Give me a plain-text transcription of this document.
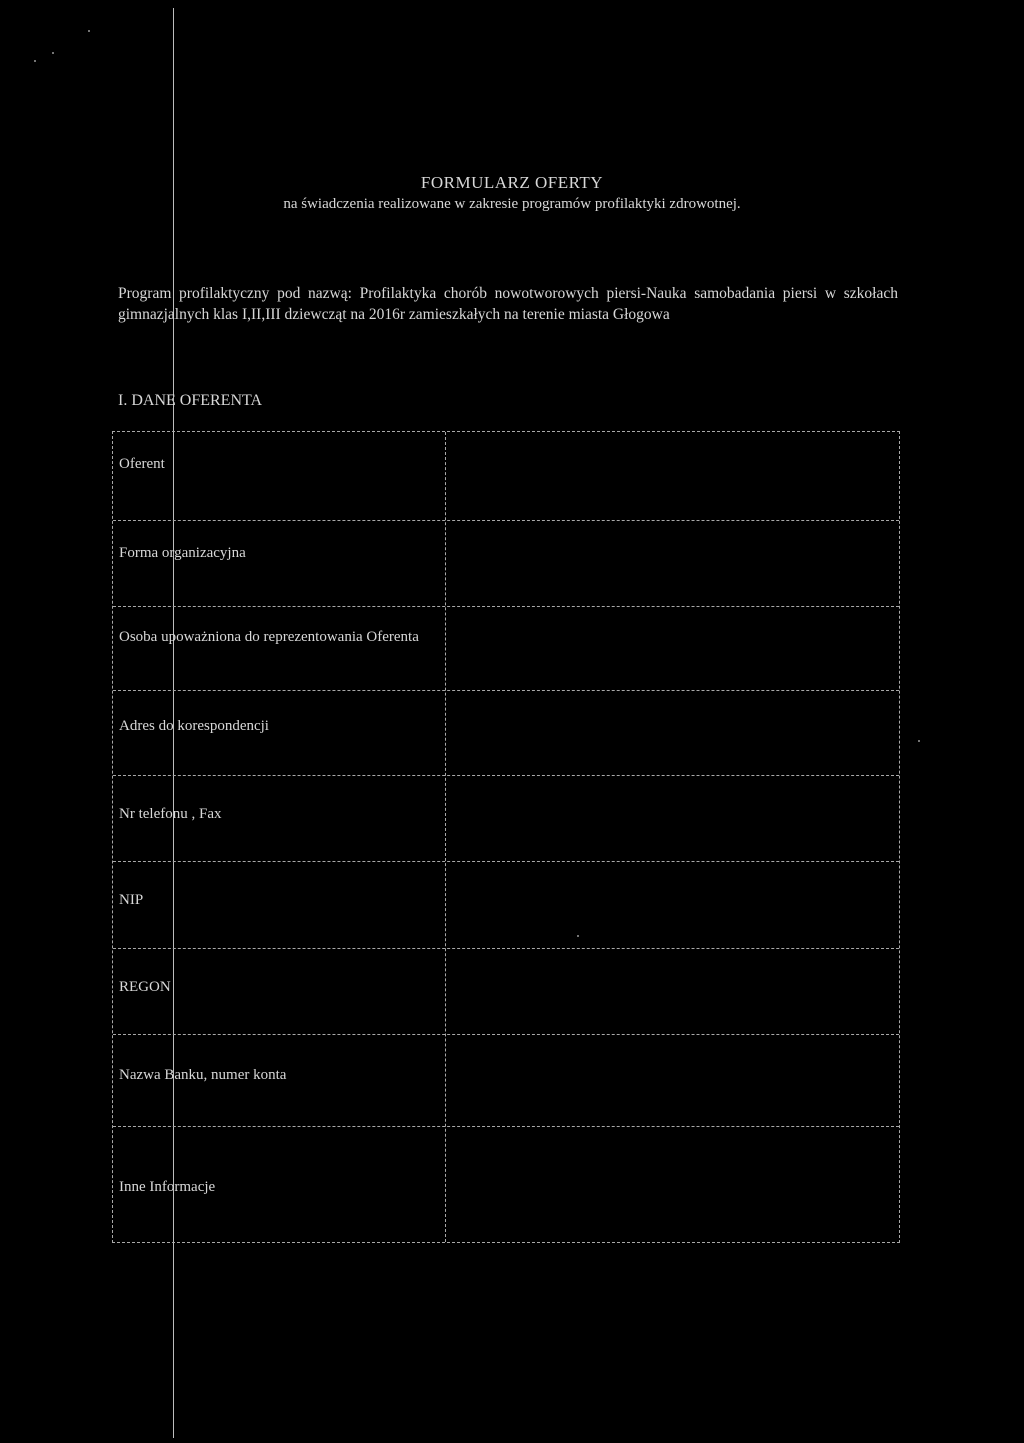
FORMULARZ OFERTY
na świadczenia realizowane w zakresie programów profilaktyki zdrowotnej.
Program profilaktyczny pod nazwą: Profilaktyka chorób nowotworowych piersi-Nauka samobadania piersi w szkołach gimnazjalnych klas I,II,III dziewcząt na 2016r zamieszkałych na terenie miasta Głogowa
I. DANE OFERENTA
Oferent
Forma organizacyjna
Osoba upoważniona do reprezentowania Oferenta
Adres do korespondencji
Nr telefonu , Fax
NIP
REGON
Nazwa Banku, numer konta
Inne Informacje
